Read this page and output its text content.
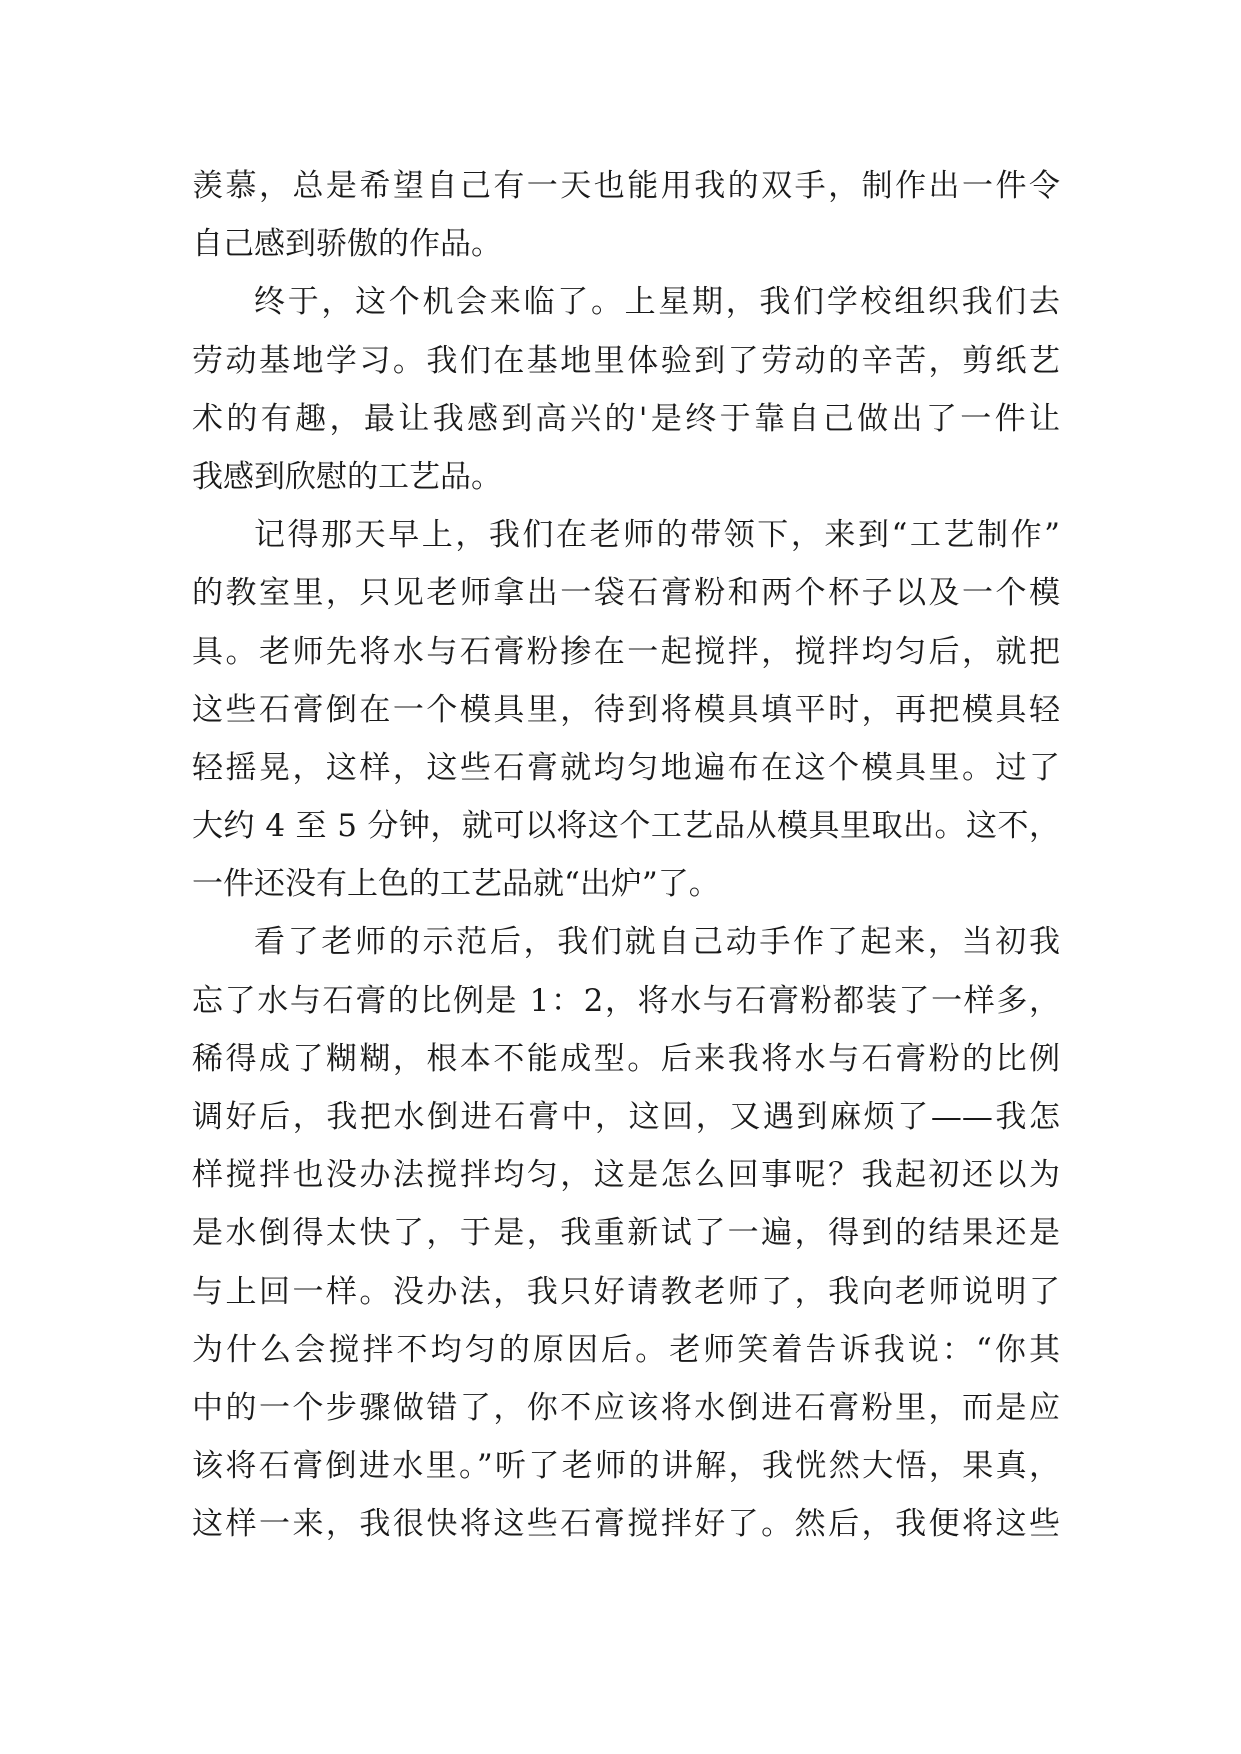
羡慕，总是希望自己有一天也能用我的双手，制作出一件令
自己感到骄傲的作品。
终于，这个机会来临了。上星期，我们学校组织我们去
劳动基地学习。我们在基地里体验到了劳动的辛苦，剪纸艺
术的有趣，最让我感到高兴的'是终于靠自己做出了一件让
我感到欣慰的工艺品。
记得那天早上，我们在老师的带领下，来到“工艺制作”
的教室里，只见老师拿出一袋石膏粉和两个杯子以及一个模
具。老师先将水与石膏粉掺在一起搅拌，搅拌均匀后，就把
这些石膏倒在一个模具里，待到将模具填平时，再把模具轻
轻摇晃，这样，这些石膏就均匀地遍布在这个模具里。过了
大约 4 至 5 分钟，就可以将这个工艺品从模具里取出。这不，
一件还没有上色的工艺品就“出炉”了。
看了老师的示范后，我们就自己动手作了起来，当初我
忘了水与石膏的比例是 1：2，将水与石膏粉都装了一样多，
稀得成了糊糊，根本不能成型。后来我将水与石膏粉的比例
调好后，我把水倒进石膏中，这回，又遇到麻烦了——我怎
样搅拌也没办法搅拌均匀，这是怎么回事呢？我起初还以为
是水倒得太快了，于是，我重新试了一遍，得到的结果还是
与上回一样。没办法，我只好请教老师了，我向老师说明了
为什么会搅拌不均匀的原因后。老师笑着告诉我说：“你其
中的一个步骤做错了，你不应该将水倒进石膏粉里，而是应
该将石膏倒进水里。”听了老师的讲解，我恍然大悟，果真，
这样一来，我很快将这些石膏搅拌好了。然后，我便将这些
